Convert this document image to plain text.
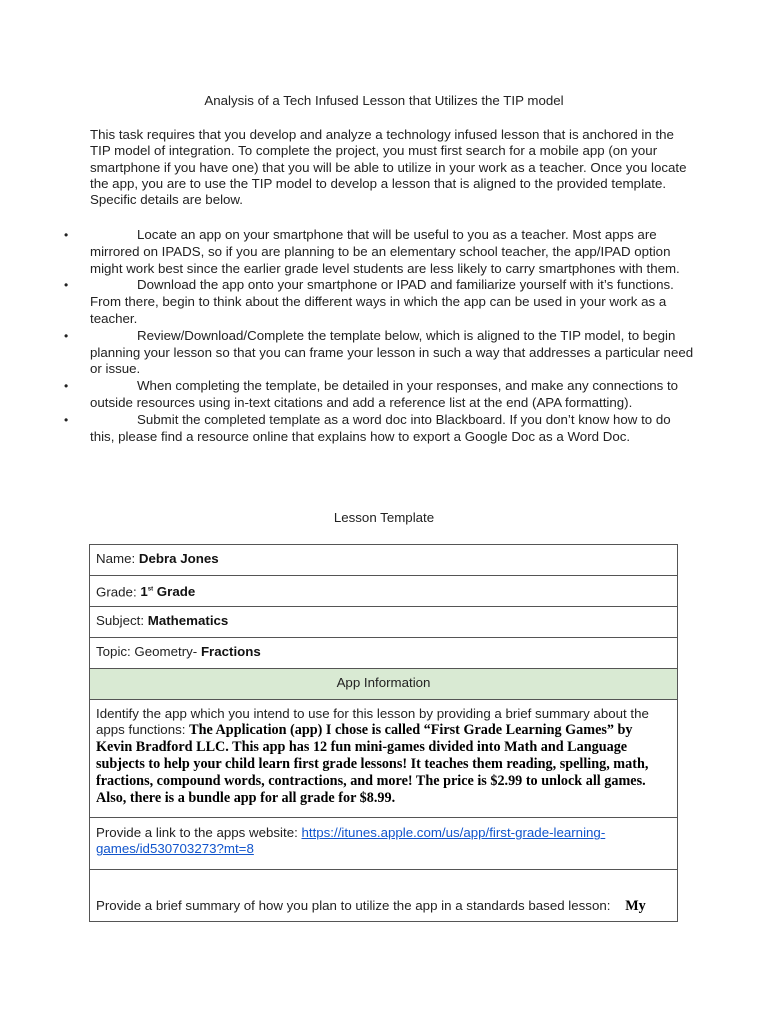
Analysis of a Tech Infused Lesson that Utilizes the TIP model
This task requires that you develop and analyze a technology infused lesson that is anchored in the TIP model of integration. To complete the project, you must first search for a mobile app (on your smartphone if you have one) that you will be able to utilize in your work as a teacher. Once you locate the app, you are to use the TIP model to develop a lesson that is aligned to the provided template. Specific details are below.
•	Locate an app on your smartphone that will be useful to you as a teacher. Most apps are mirrored on IPADS, so if you are planning to be an elementary school teacher, the app/IPAD option might work best since the earlier grade level students are less likely to carry smartphones with them.
•	Download the app onto your smartphone or IPAD and familiarize yourself with it’s functions. From there, begin to think about the different ways in which the app can be used in your work as a teacher.
•	Review/Download/Complete the template below, which is aligned to the TIP model, to begin planning your lesson so that you can frame your lesson in such a way that addresses a particular need or issue.
•	When completing the template, be detailed in your responses, and make any connections to outside resources using in-text citations and add a reference list at the end (APA formatting).
•	Submit the completed template as a word doc into Blackboard. If you don’t know how to do this, please find a resource online that explains how to export a Google Doc as a Word Doc.
Lesson Template
Name: Debra Jones
Grade: 1st Grade
Subject: Mathematics
Topic: Geometry- Fractions
App Information
Identify the app which you intend to use for this lesson by providing a brief summary about the apps functions: The Application (app) I chose is called “First Grade Learning Games” by Kevin Bradford LLC. This app has 12 fun mini-games divided into Math and Language subjects to help your child learn first grade lessons! It teaches them reading, spelling, math, fractions, compound words, contractions, and more! The price is $2.99 to unlock all games. Also, there is a bundle app for all grade for $8.99.
Provide a link to the apps website: https://itunes.apple.com/us/app/first-grade-learning-games/id530703273?mt=8
Provide a brief summary of how you plan to utilize the app in a standards based lesson: My
